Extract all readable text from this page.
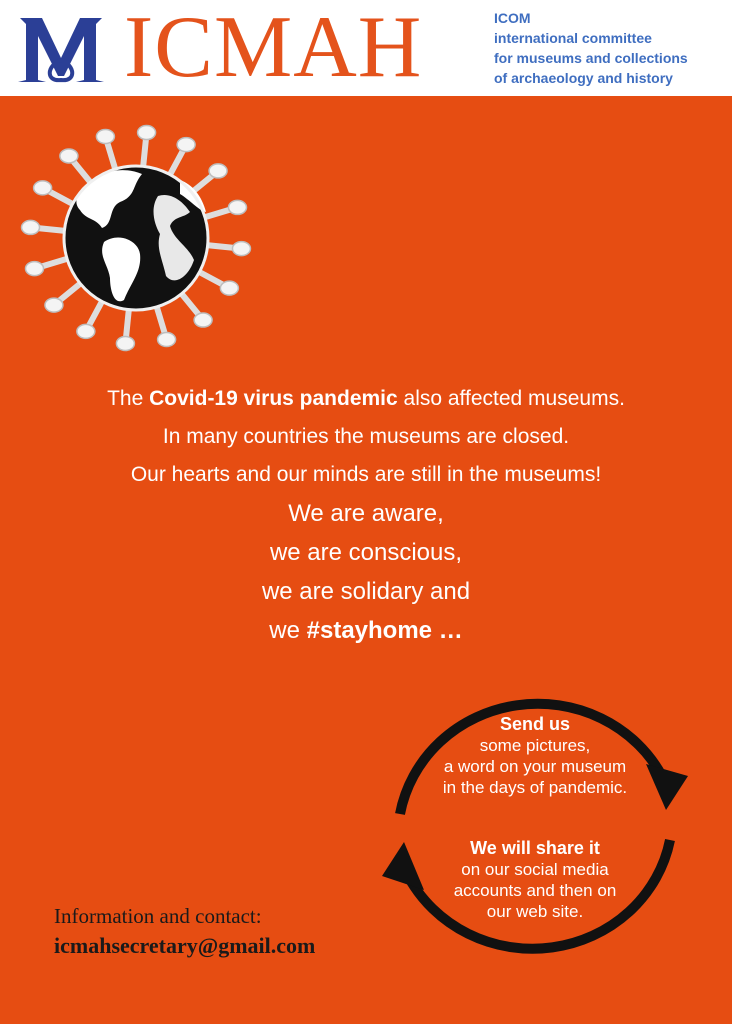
ICMAH	ICOM
international committee
for museums and collections
of archaeology and history
The Covid-19 virus pandemic also affected museums.
In many countries the museums are closed.
Our hearts and our minds are still in the museums!
We are aware,
we are conscious,
we are solidary and
we #stayhome …
Send us
some pictures,
a word on your museum
in the days of pandemic.
We will share it
on our social media
accounts and then on
our web site.
Information and contact:
icmahsecretary@gmail.com
